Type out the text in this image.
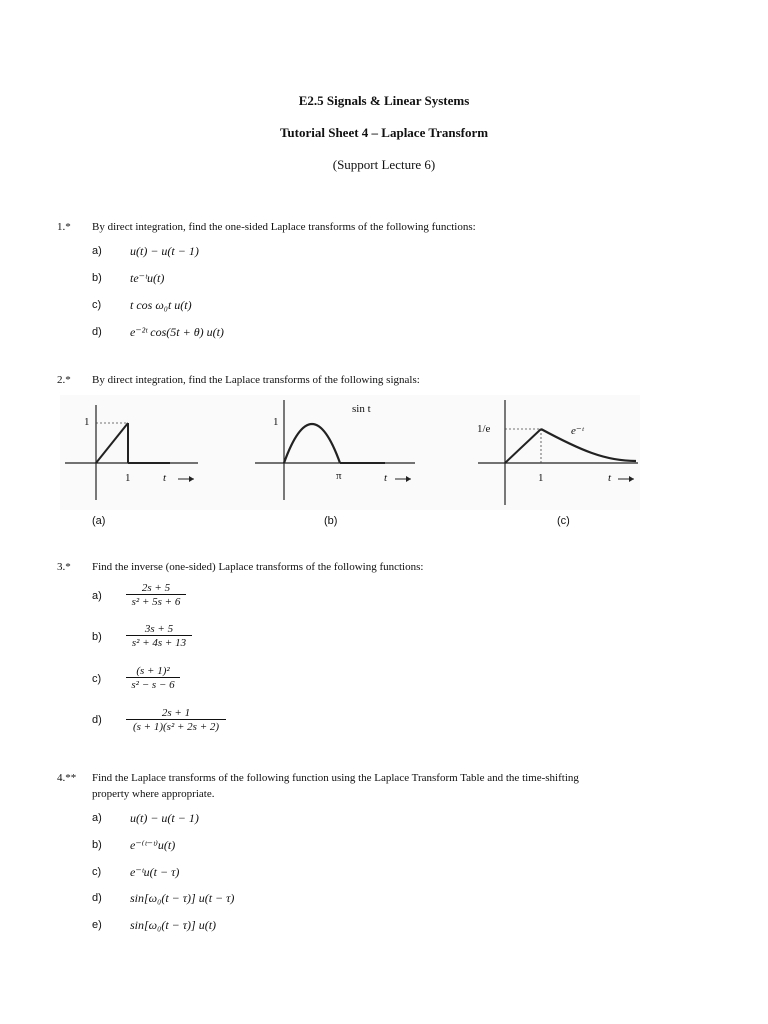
E2.5 Signals & Linear Systems
Tutorial Sheet 4 – Laplace Transform
(Support Lecture 6)
1.* By direct integration, find the one-sided Laplace transforms of the following functions:
a) u(t) − u(t − 1)
b) te⁻ᵗu(t)
c) t cos ω₀t u(t)
d) e⁻²ᵗ cos(5t + θ) u(t)
2.* By direct integration, find the Laplace transforms of the following signals:
1
1	t
(a)
1
sin t
π	t
(b)
1/e	e⁻ᵗ
1	t
(c)
3.* Find the inverse (one-sided) Laplace transforms of the following functions:
$a) \frac{2s + 5}{\text{s² + 5s + 6}}$
$b) \frac{3s + 5}{\text{s² + 4s + 13}}$
$c) \frac{\text{(s + 1)²}}{\text{s² − s − 6}}$
$d) \frac{2s + 1}{\text{(s + 1)(s² + 2s + 2)}}$
4.** Find the Laplace transforms of the following function using the Laplace Transform Table and the time-shifting
property where appropriate.
a) u(t) − u(t − 1)
b) e⁻⁽ᵗ⁻ᵗ⁾u(t)
c) e⁻ᵗu(t − τ)
d) sin[ω₀(t − τ)] u(t − τ)
e) sin[ω₀(t − τ)] u(t)
